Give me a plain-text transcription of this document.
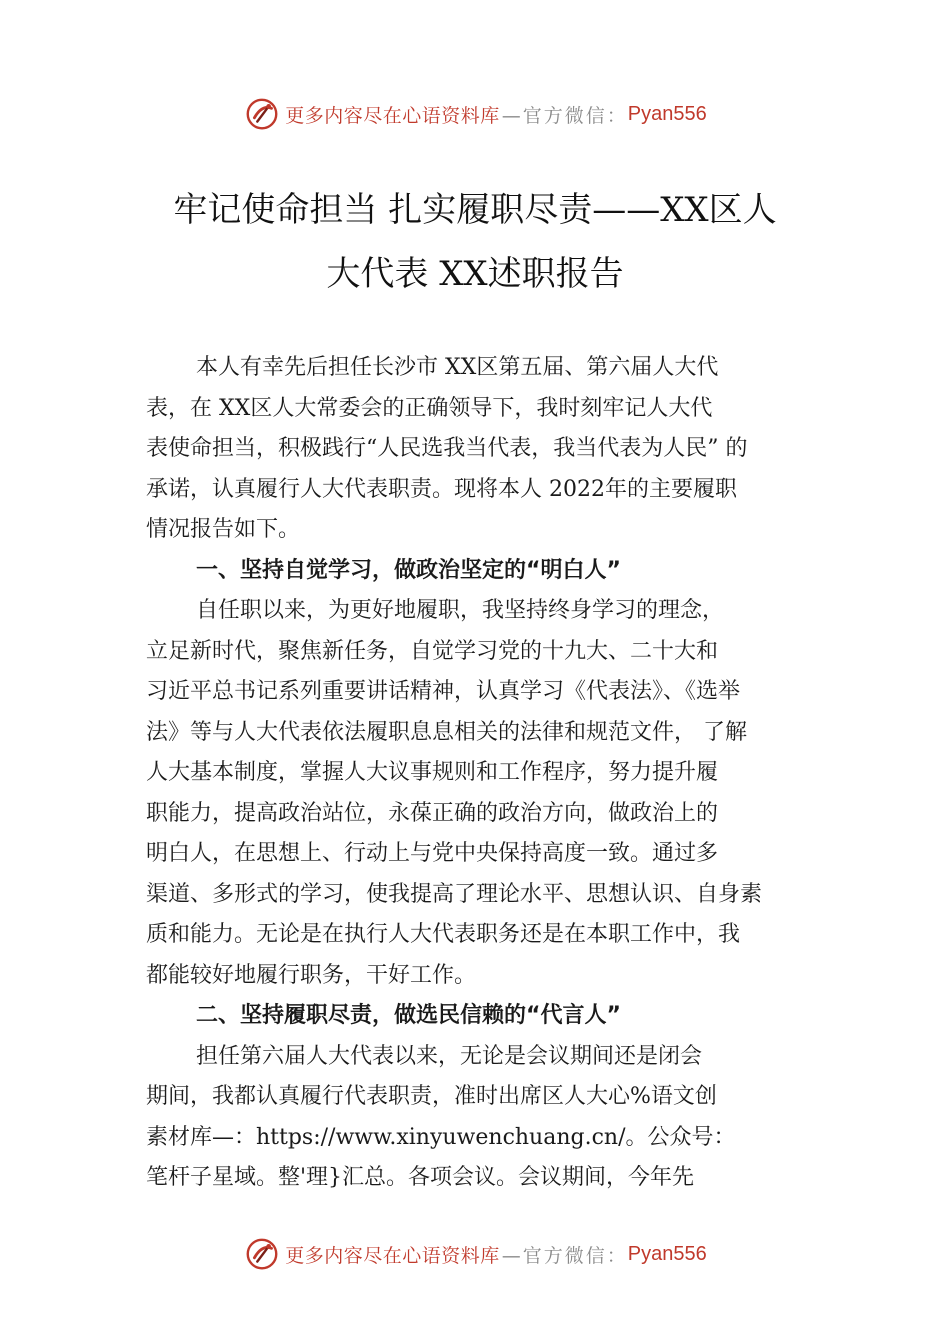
更多内容尽在心语资料库 —官方微信： Pyan556
牢记使命担当 扎实履职尽责——XX区人
大代表 XX述职报告
本人有幸先后担任长沙市 XX区第五届、第六届人大代
表，在 XX区人大常委会的正确领导下，我时刻牢记人大代
表使命担当，积极践行“人民选我当代表，我当代表为人民” 的
承诺，认真履行人大代表职责。现将本人 2022年的主要履职
情况报告如下。
一、坚持自觉学习，做政治坚定的“明白人”
自任职以来，为更好地履职，我坚持终身学习的理念，
立足新时代，聚焦新任务，自觉学习党的十九大、二十大和
习近平总书记系列重要讲话精神，认真学习《代表法》、《选举
法》等与人大代表依法履职息息相关的法律和规范文件， 了解
人大基本制度，掌握人大议事规则和工作程序，努力提升履
职能力，提高政治站位，永葆正确的政治方向，做政治上的
明白人，在思想上、行动上与党中央保持高度一致。通过多
渠道、多形式的学习，使我提高了理论水平、思想认识、自身素
质和能力。无论是在执行人大代表职务还是在本职工作中，我
都能较好地履行职务，干好工作。
二、坚持履职尽责，做选民信赖的“代言人”
担任第六届人大代表以来，无论是会议期间还是闭会
期间，我都认真履行代表职责，准时出席区人大心%语文创
素材库—：https://www.xinyuwenchuang.cn/。公众号：
笔杆子星域。整'理}汇总。各项会议。会议期间，今年先
更多内容尽在心语资料库 —官方微信： Pyan556
